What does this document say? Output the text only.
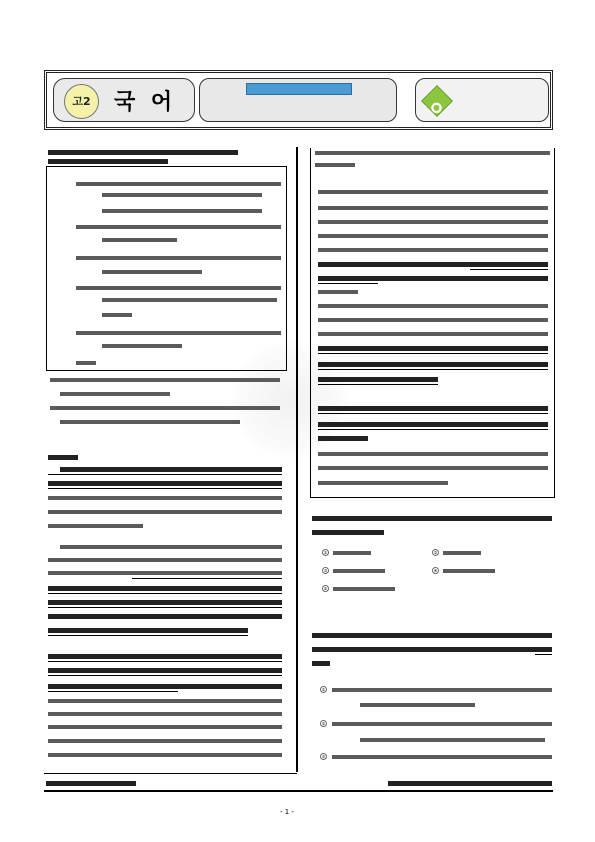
고2	국 어
①	②
③	④
⑤
①
②
③
- 1 -
